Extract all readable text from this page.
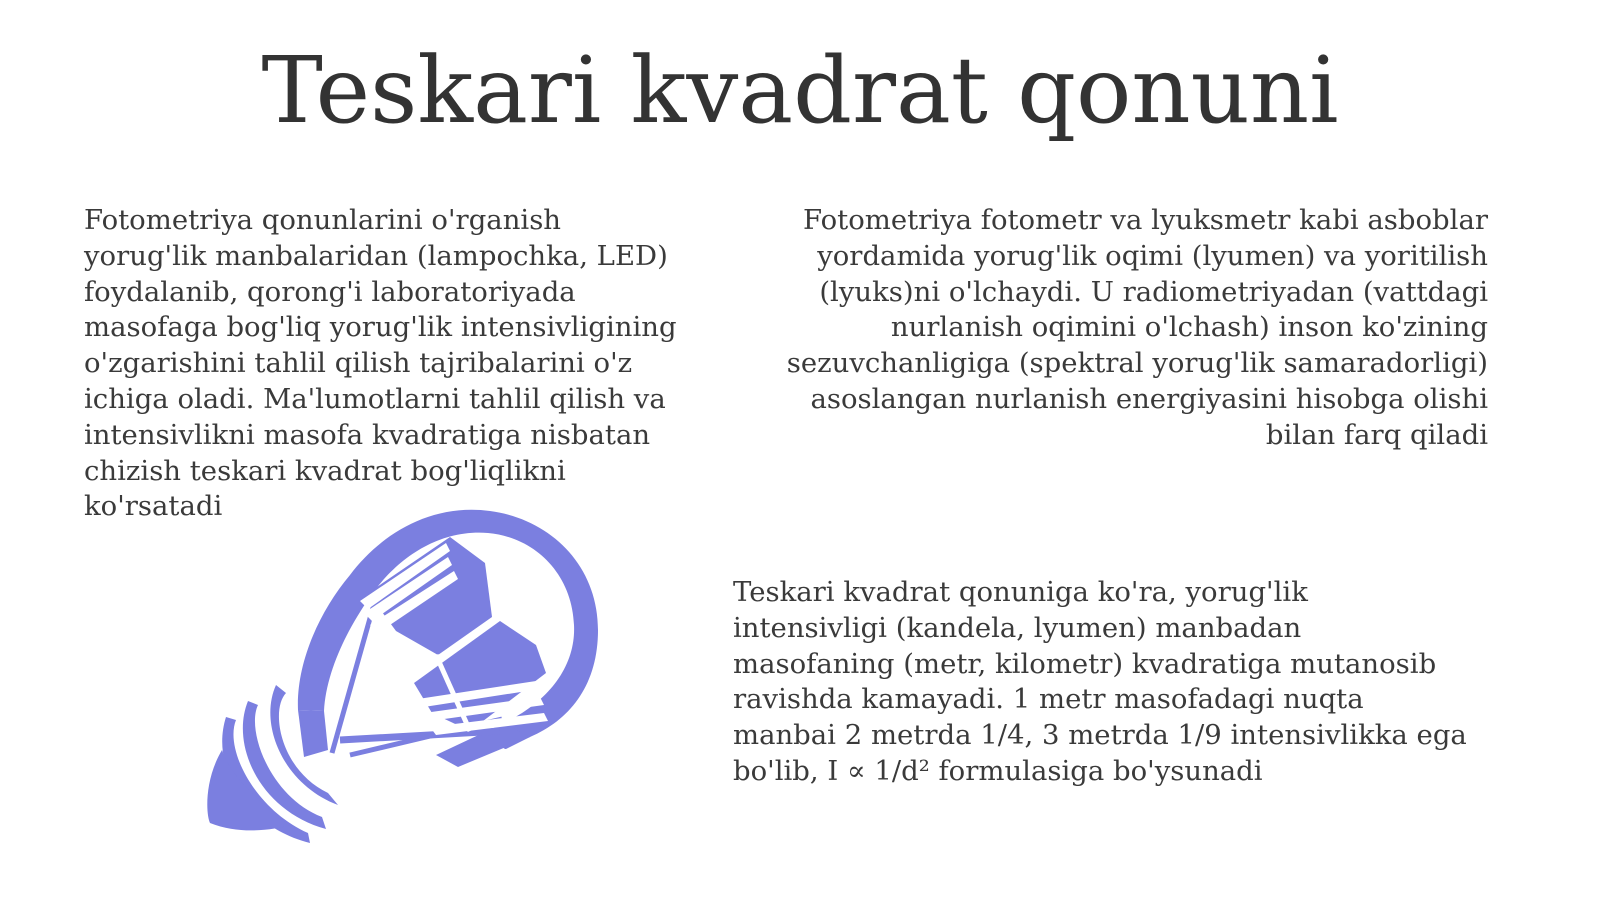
Teskari kvadrat qonuni

Fotometriya qonunlarini o'rganish
yorug'lik manbalaridan (lampochka, LED)
foydalanib, qorong'i laboratoriyada
masofaga bog'liq yorug'lik intensivligining
o'zgarishini tahlil qilish tajribalarini o'z
ichiga oladi. Ma'lumotlarni tahlil qilish va
intensivlikni masofa kvadratiga nisbatan
chizish teskari kvadrat bog'liqlikni
ko'rsatadi

Fotometriya fotometr va lyuksmetr kabi asboblar
yordamida yorug'lik oqimi (lyumen) va yoritilish
(lyuks)ni o'lchaydi. U radiometriyadan (vattdagi
nurlanish oqimini o'lchash) inson ko'zining
sezuvchanligiga (spektral yorug'lik samaradorligi)
asoslangan nurlanish energiyasini hisobga olishi
bilan farq qiladi

Teskari kvadrat qonuniga ko'ra, yorug'lik
intensivligi (kandela, lyumen) manbadan
masofaning (metr, kilometr) kvadratiga mutanosib
ravishda kamayadi. 1 metr masofadagi nuqta
manbai 2 metrda 1/4, 3 metrda 1/9 intensivlikka ega
bo'lib, I ∝ 1/d² formulasiga bo'ysunadi
